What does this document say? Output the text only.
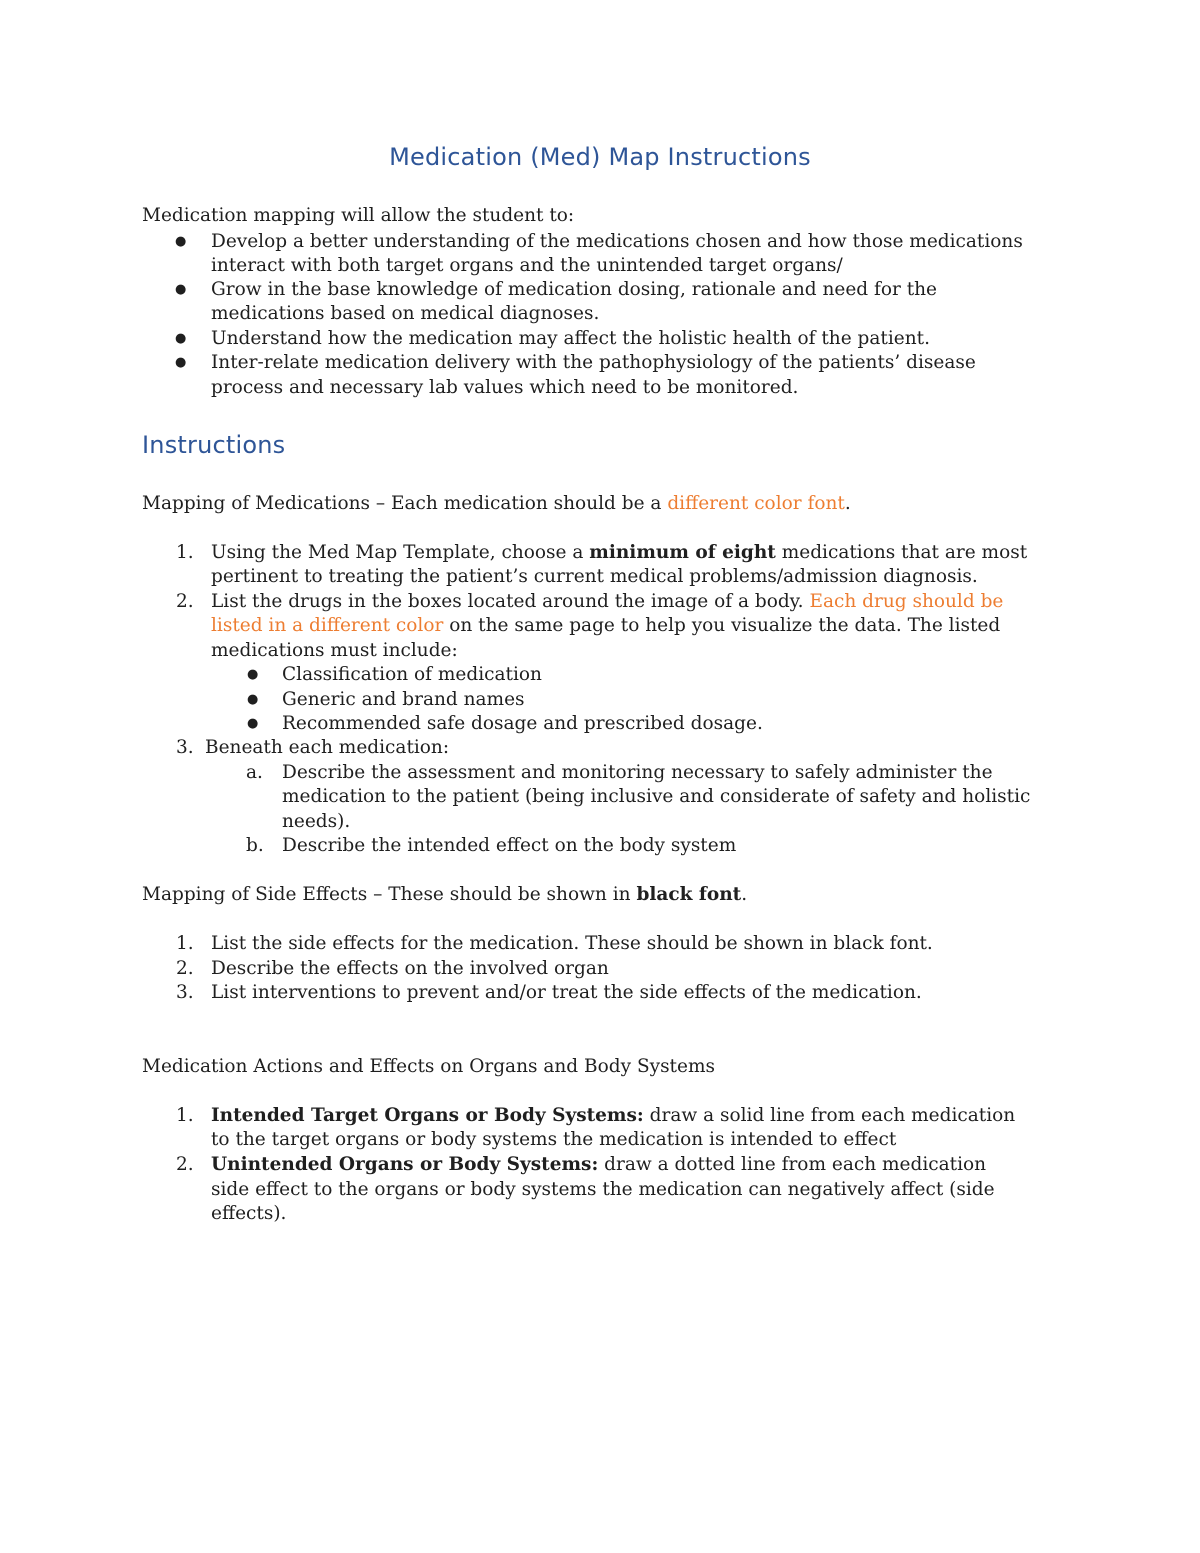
Medication (Med) Map Instructions

Medication mapping will allow the student to:

● Develop a better understanding of the medications chosen and how those medications

interact with both target organs and the unintended target organs/

● Grow in the base knowledge of medication dosing, rationale and need for the

medications based on medical diagnoses.

● Understand how the medication may affect the holistic health of the patient.

● Inter-relate medication delivery with the pathophysiology of the patients’ disease

process and necessary lab values which need to be monitored.

Instructions

Mapping of Medications – Each medication should be a different color font.

1. Using the Med Map Template, choose a minimum of eight medications that are most

pertinent to treating the patient’s current medical problems/admission diagnosis.

2. List the drugs in the boxes located around the image of a body. Each drug should be

listed in a different color on the same page to help you visualize the data. The listed

medications must include:

● Classification of medication

● Generic and brand names

● Recommended safe dosage and prescribed dosage.

3. Beneath each medication:

a. Describe the assessment and monitoring necessary to safely administer the

medication to the patient (being inclusive and considerate of safety and holistic

needs).

b. Describe the intended effect on the body system

Mapping of Side Effects – These should be shown in black font.

1. List the side effects for the medication. These should be shown in black font.

2. Describe the effects on the involved organ

3. List interventions to prevent and/or treat the side effects of the medication.

Medication Actions and Effects on Organs and Body Systems

1. Intended Target Organs or Body Systems: draw a solid line from each medication

to the target organs or body systems the medication is intended to effect

2. Unintended Organs or Body Systems: draw a dotted line from each medication

side effect to the organs or body systems the medication can negatively affect (side

effects).
